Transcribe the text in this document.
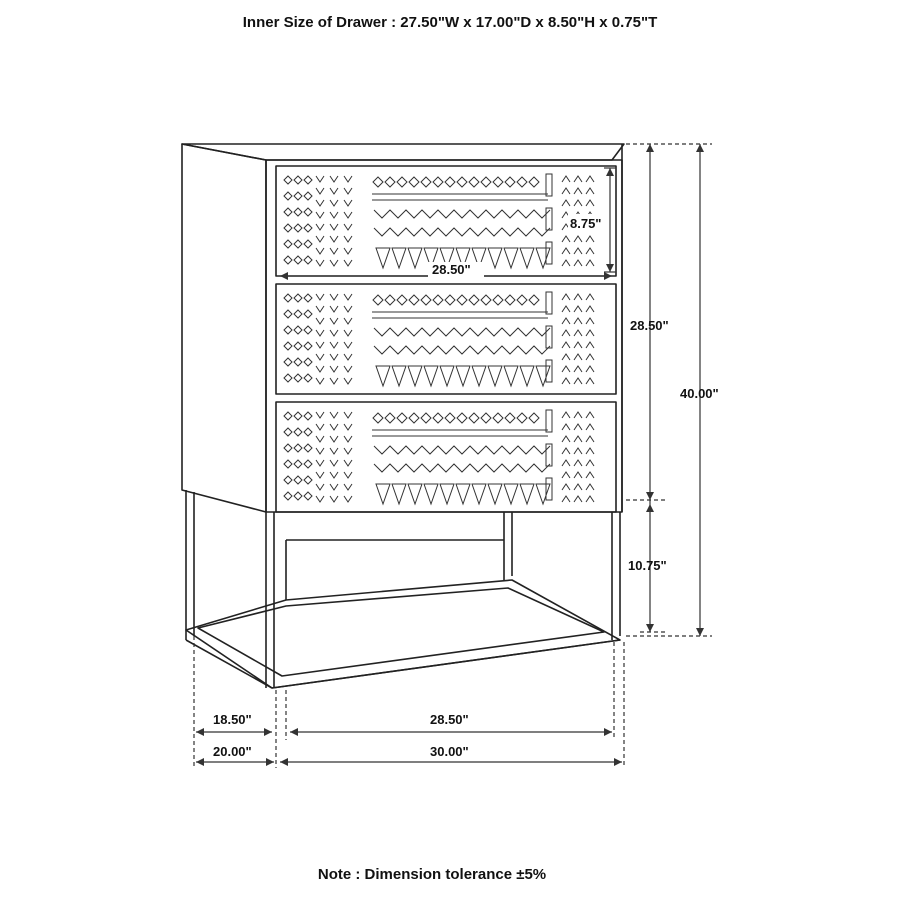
Inner Size of Drawer : 27.50"W x 17.00"D x 8.50"H x 0.75"T
8.75"
28.50"
28.50"
40.00"
10.75"
18.50"	28.50"
20.00"	30.00"
Note : Dimension tolerance ±5%
